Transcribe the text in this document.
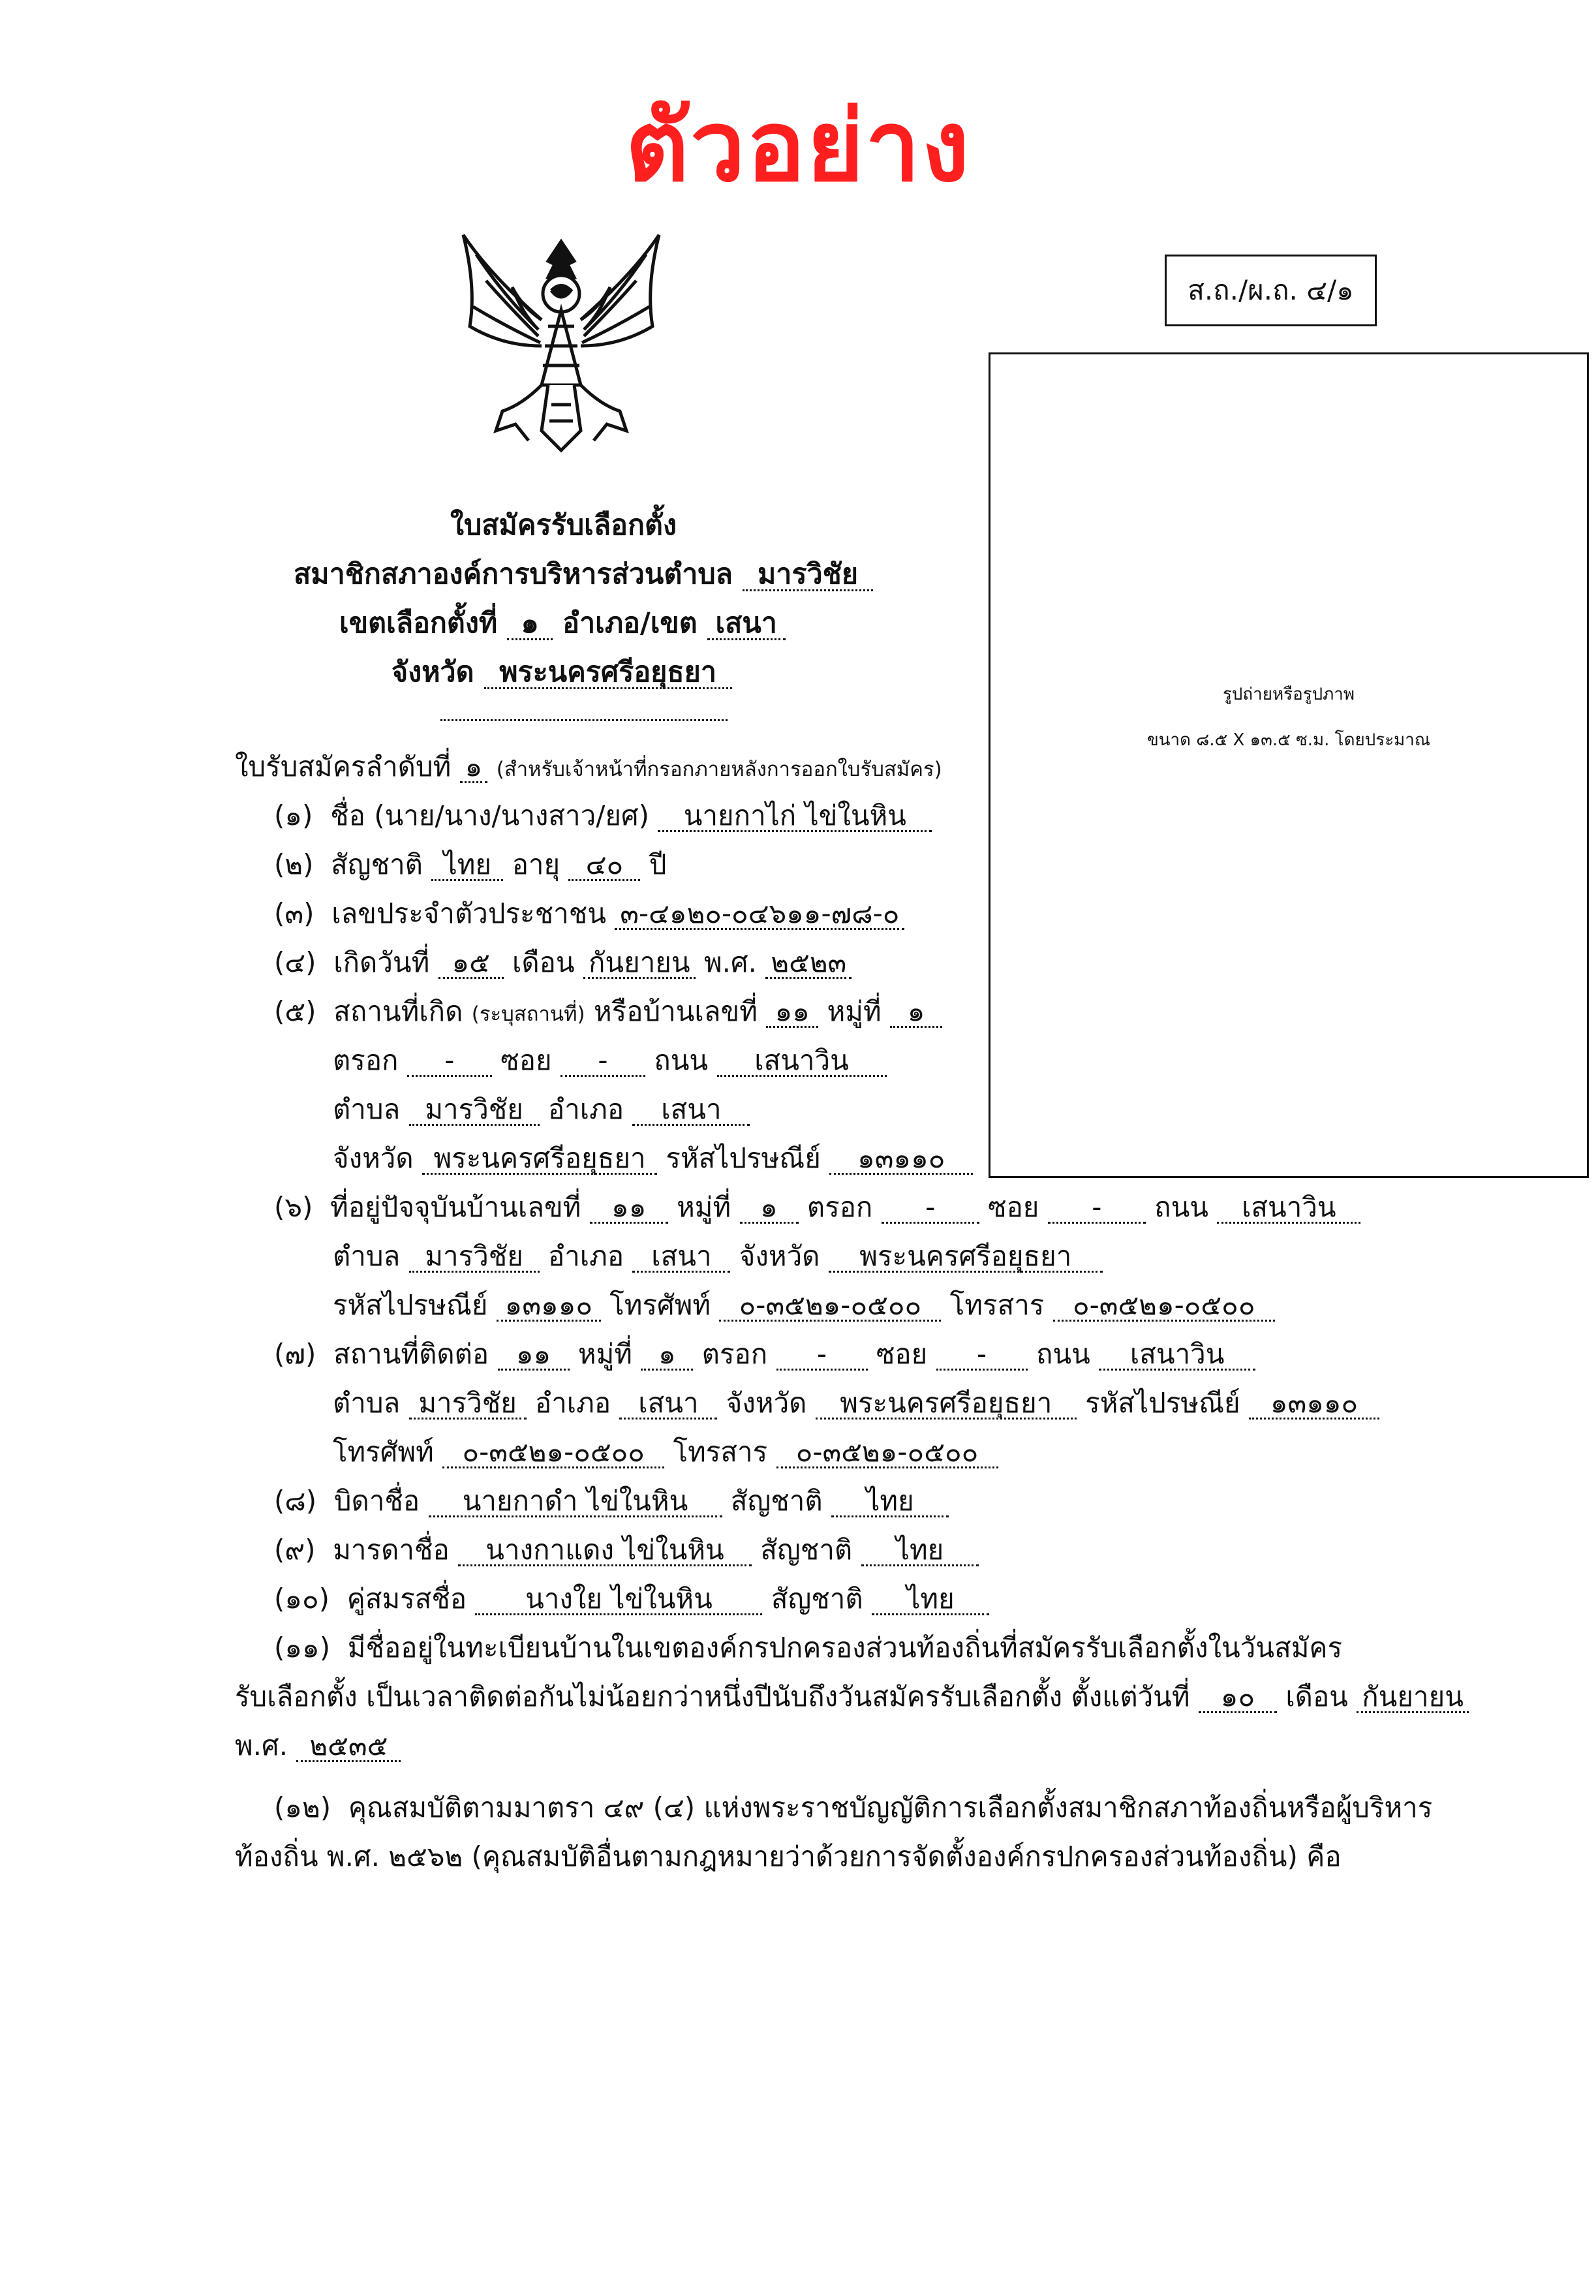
ตัวอย่าง
ส.ถ./ผ.ถ. ๔/๑
รูปถ่ายหรือรูปภาพ
ขนาด ๘.๕ X ๑๓.๕ ซ.ม. โดยประมาณ
ใบสมัครรับเลือกตั้ง
สมาชิกสภาองค์การบริหารส่วนตำบล มารวิชัย
เขตเลือกตั้งที่ ๑ อำเภอ/เขต เสนา
จังหวัด พระนครศรีอยุธยา
ใบรับสมัครลำดับที่ ๑ (สำหรับเจ้าหน้าที่กรอกภายหลังการออกใบรับสมัคร)
(๑) ชื่อ (นาย/นาง/นางสาว/ยศ) นายกาไก่ ไข่ในหิน
(๒) สัญชาติ ไทย อายุ ๔๐ ปี
(๓) เลขประจำตัวประชาชน ๓-๔๑๒๐-๐๔๖๑๑-๗๘-๐
(๔) เกิดวันที่ ๑๕ เดือน กันยายน พ.ศ. ๒๕๒๓
(๕) สถานที่เกิด (ระบุสถานที่) หรือบ้านเลขที่ ๑๑ หมู่ที่ ๑
ตรอก - ซอย - ถนน เสนาวิน
ตำบล มารวิชัย อำเภอ เสนา
จังหวัด พระนครศรีอยุธยา รหัสไปรษณีย์ ๑๓๑๑๐
(๖) ที่อยู่ปัจจุบันบ้านเลขที่ ๑๑ หมู่ที่ ๑ ตรอก - ซอย - ถนน เสนาวิน
ตำบล มารวิชัย อำเภอ เสนา จังหวัด พระนครศรีอยุธยา
รหัสไปรษณีย์ ๑๓๑๑๐ โทรศัพท์ ๐-๓๕๒๑-๐๕๐๐ โทรสาร ๐-๓๕๒๑-๐๕๐๐
(๗) สถานที่ติดต่อ ๑๑ หมู่ที่ ๑ ตรอก - ซอย - ถนน เสนาวิน
ตำบล มารวิชัย อำเภอ เสนา จังหวัด พระนครศรีอยุธยา รหัสไปรษณีย์ ๑๓๑๑๐
โทรศัพท์ ๐-๓๕๒๑-๐๕๐๐ โทรสาร ๐-๓๕๒๑-๐๕๐๐
(๘) บิดาชื่อ นายกาดำ ไข่ในหิน สัญชาติ ไทย
(๙) มารดาชื่อ นางกาแดง ไข่ในหิน สัญชาติ ไทย
(๑๐) คู่สมรสชื่อ นางใย ไข่ในหิน สัญชาติ ไทย
(๑๑) มีชื่ออยู่ในทะเบียนบ้านในเขตองค์กรปกครองส่วนท้องถิ่นที่สมัครรับเลือกตั้งในวันสมัคร
รับเลือกตั้ง เป็นเวลาติดต่อกันไม่น้อยกว่าหนึ่งปีนับถึงวันสมัครรับเลือกตั้ง ตั้งแต่วันที่ ๑๐ เดือน กันยายน
พ.ศ. ๒๕๓๕
(๑๒) คุณสมบัติตามมาตรา ๔๙ (๔) แห่งพระราชบัญญัติการเลือกตั้งสมาชิกสภาท้องถิ่นหรือผู้บริหาร
ท้องถิ่น พ.ศ. ๒๕๖๒ (คุณสมบัติอื่นตามกฎหมายว่าด้วยการจัดตั้งองค์กรปกครองส่วนท้องถิ่น) คือ
